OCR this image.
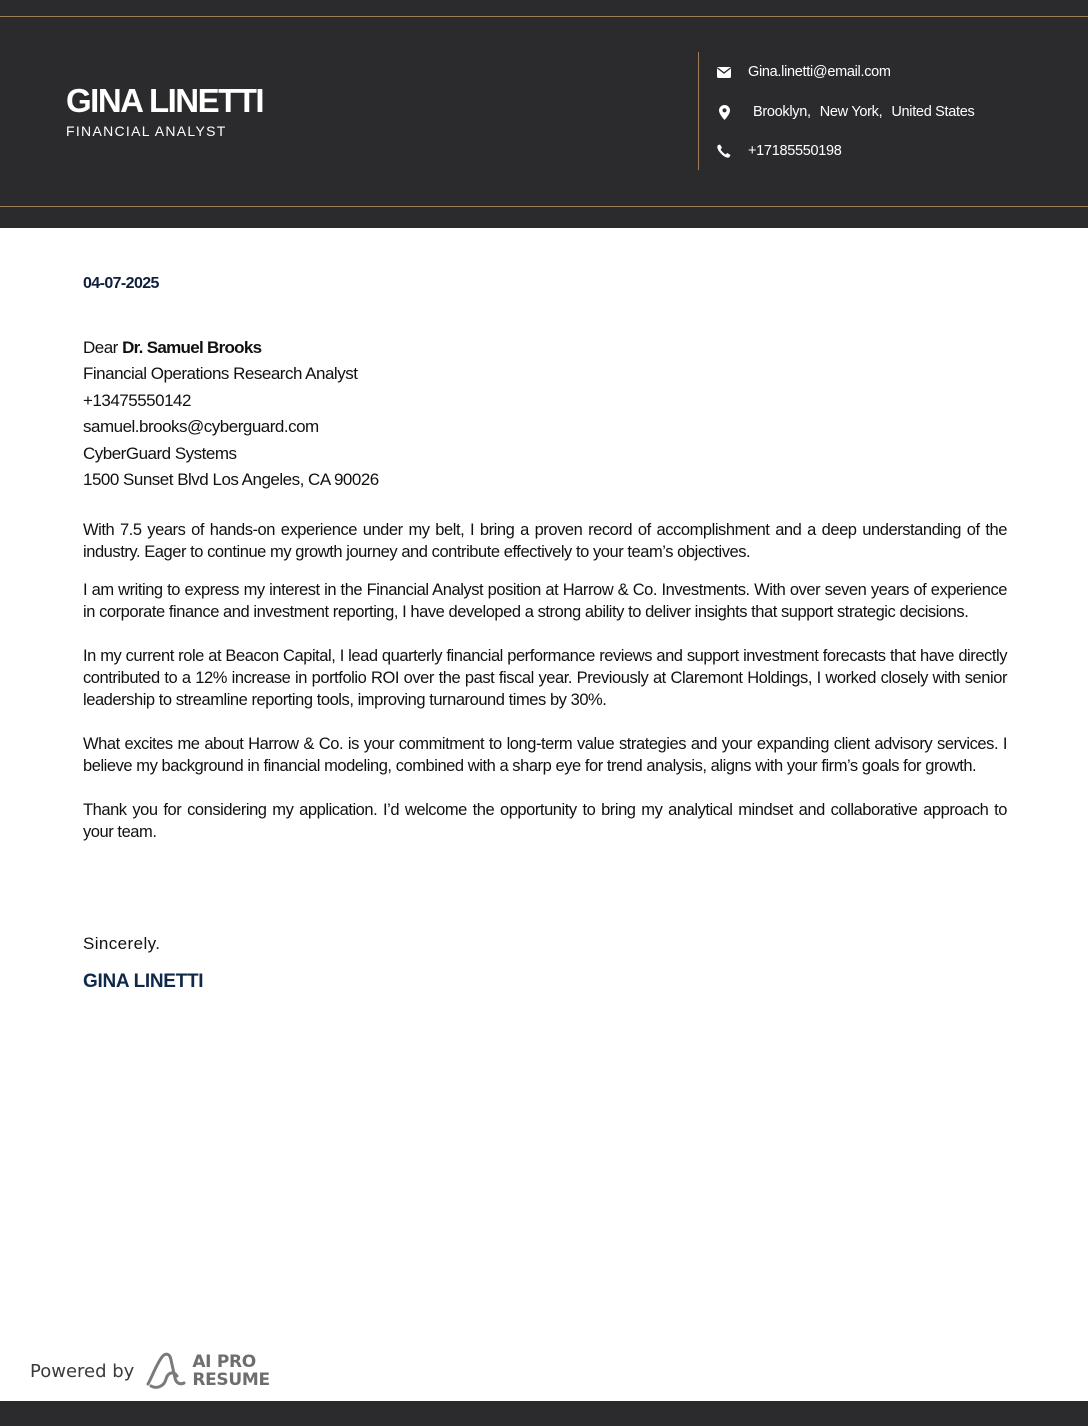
GINA LINETTI
FINANCIAL ANALYST
Gina.linetti@email.com
Brooklyn, New York, United States
+17185550198
04-07-2025
Dear Dr. Samuel Brooks
Financial Operations Research Analyst
+13475550142
samuel.brooks@cyberguard.com
CyberGuard Systems
1500 Sunset Blvd Los Angeles, CA 90026

With 7.5 years of hands-on experience under my belt, I bring a proven record of accomplishment and a deep understanding of the industry. Eager to continue my growth journey and contribute effectively to your team’s objectives.

I am writing to express my interest in the Financial Analyst position at Harrow & Co. Investments. With over seven years of experience in corporate finance and investment reporting, I have developed a strong ability to deliver insights that support strategic decisions.

In my current role at Beacon Capital, I lead quarterly financial performance reviews and support investment forecasts that have directly contributed to a 12% increase in portfolio ROI over the past fiscal year. Previously at Claremont Holdings, I worked closely with senior leadership to streamline reporting tools, improving turnaround times by 30%.

What excites me about Harrow & Co. is your commitment to long-term value strategies and your expanding client advisory services. I believe my background in financial modeling, combined with a sharp eye for trend analysis, aligns with your firm’s goals for growth.

Thank you for considering my application. I’d welcome the opportunity to bring my analytical mindset and collaborative approach to your team.

Sincerely.
GINA LINETTI
Powered by	AI PRO
RESUME
